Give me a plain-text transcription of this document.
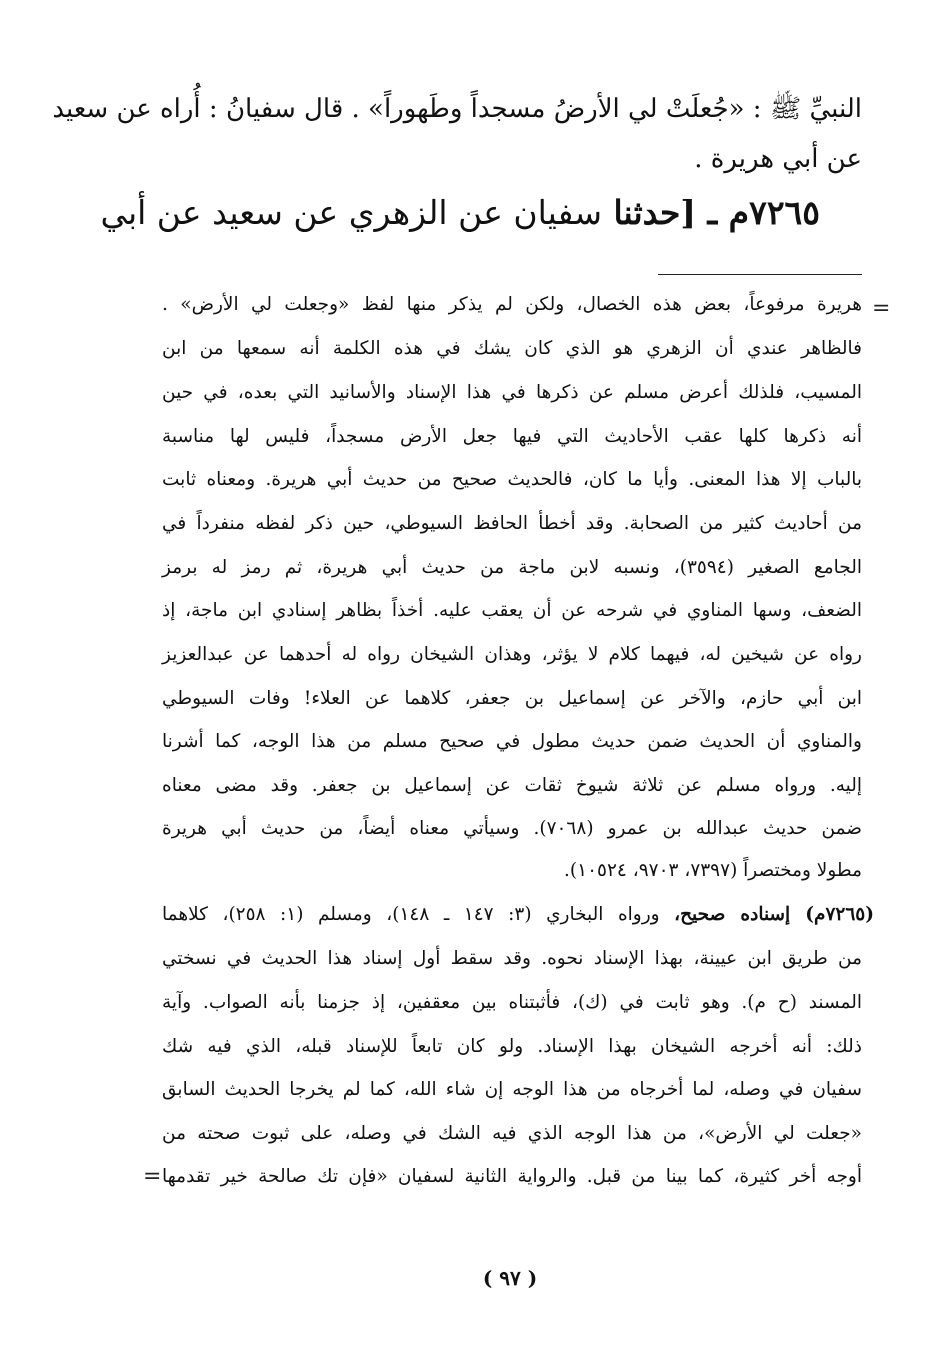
النبيِّ ﷺ : «جُعلَتْ لي الأرضُ مسجداً وطَهوراً» . قال سفيانُ : أُراه عن سعيد
عن أبي هريرة .
٧٢٦٥م ـ [حدثنا سفيان عن الزهري عن سعيد عن أبي
=
هريرة مرفوعاً، بعض هذه الخصال، ولكن لم يذكر منها لفظ «وجعلت لي الأرض» .
فالظاهر عندي أن الزهري هو الذي كان يشك في هذه الكلمة أنه سمعها من ابن
المسيب، فلذلك أعرض مسلم عن ذكرها في هذا الإسناد والأسانيد التي بعده، في حين
أنه ذكرها كلها عقب الأحاديث التي فيها جعل الأرض مسجداً، فليس لها مناسبة
بالباب إلا هذا المعنى. وأيا ما كان، فالحديث صحيح من حديث أبي هريرة. ومعناه ثابت
من أحاديث كثير من الصحابة. وقد أخطأ الحافظ السيوطي، حين ذكر لفظه منفرداً في
الجامع الصغير (٣٥٩٤)، ونسبه لابن ماجة من حديث أبي هريرة، ثم رمز له برمز
الضعف، وسها المناوي في شرحه عن أن يعقب عليه. أخذاً بظاهر إسنادي ابن ماجة، إذ
رواه عن شيخين له، فيهما كلام لا يؤثر، وهذان الشيخان رواه له أحدهما عن عبدالعزيز
ابن أبي حازم، والآخر عن إسماعيل بن جعفر، كلاهما عن العلاء! وفات السيوطي
والمناوي أن الحديث ضمن حديث مطول في صحيح مسلم من هذا الوجه، كما أشرنا
إليه. ورواه مسلم عن ثلاثة شيوخ ثقات عن إسماعيل بن جعفر. وقد مضى معناه
ضمن حديث عبدالله بن عمرو (٧٠٦٨). وسيأتي معناه أيضاً، من حديث أبي هريرة
مطولا ومختصراً (٧٣٩٧، ٩٧٠٣، ١٠٥٢٤).
(٧٢٦٥م) إسناده صحيح، ورواه البخاري (٣: ١٤٧ ـ ١٤٨)، ومسلم (١: ٢٥٨)، كلاهما
من طريق ابن عيينة، بهذا الإسناد نحوه. وقد سقط أول إسناد هذا الحديث في نسختي
المسند (ح م). وهو ثابت في (ك)، فأثبتناه بين معقفين، إذ جزمنا بأنه الصواب. وآية
ذلك: أنه أخرجه الشيخان بهذا الإسناد. ولو كان تابعاً للإسناد قبله، الذي فيه شك
سفيان في وصله، لما أخرجاه من هذا الوجه إن شاء الله، كما لم يخرجا الحديث السابق
«جعلت لي الأرض»، من هذا الوجه الذي فيه الشك في وصله، على ثبوت صحته من
أوجه أخر كثيرة، كما بينا من قبل. والرواية الثانية لسفيان «فإن تك صالحة خير تقدمها
=
( ٩٧ )
